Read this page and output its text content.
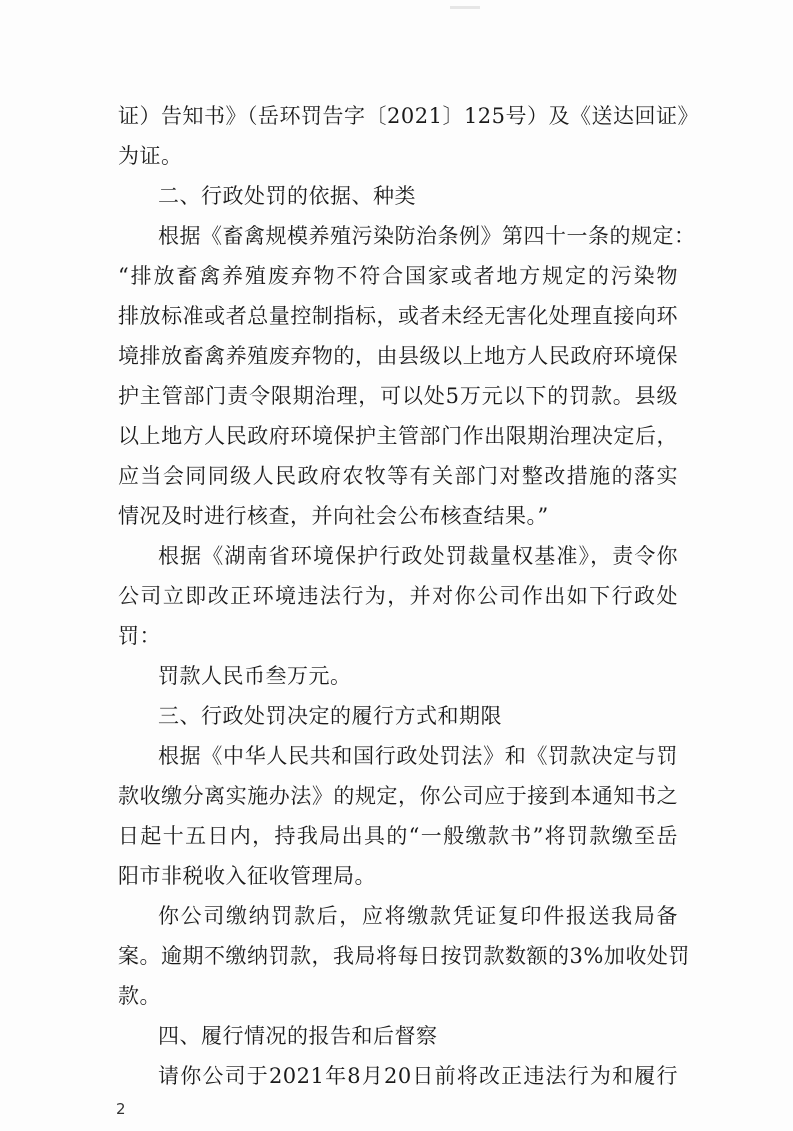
证）告知书》（岳环罚告字〔2021〕125号）及《送达回证》
为证。
二、行政处罚的依据、种类
根据《畜禽规模养殖污染防治条例》第四十一条的规定：
“排放畜禽养殖废弃物不符合国家或者地方规定的污染物
排放标准或者总量控制指标，或者未经无害化处理直接向环
境排放畜禽养殖废弃物的，由县级以上地方人民政府环境保
护主管部门责令限期治理，可以处5万元以下的罚款。县级
以上地方人民政府环境保护主管部门作出限期治理决定后，
应当会同同级人民政府农牧等有关部门对整改措施的落实
情况及时进行核查，并向社会公布核查结果。”
根据《湖南省环境保护行政处罚裁量权基准》，责令你
公司立即改正环境违法行为，并对你公司作出如下行政处
罚：
罚款人民币叁万元。
三、行政处罚决定的履行方式和期限
根据《中华人民共和国行政处罚法》和《罚款决定与罚
款收缴分离实施办法》的规定，你公司应于接到本通知书之
日起十五日内，持我局出具的“一般缴款书”将罚款缴至岳
阳市非税收入征收管理局。
你公司缴纳罚款后，应将缴款凭证复印件报送我局备
案。逾期不缴纳罚款，我局将每日按罚款数额的3%加收处罚
款。
四、履行情况的报告和后督察
请你公司于2021年8月20日前将改正违法行为和履行
2
